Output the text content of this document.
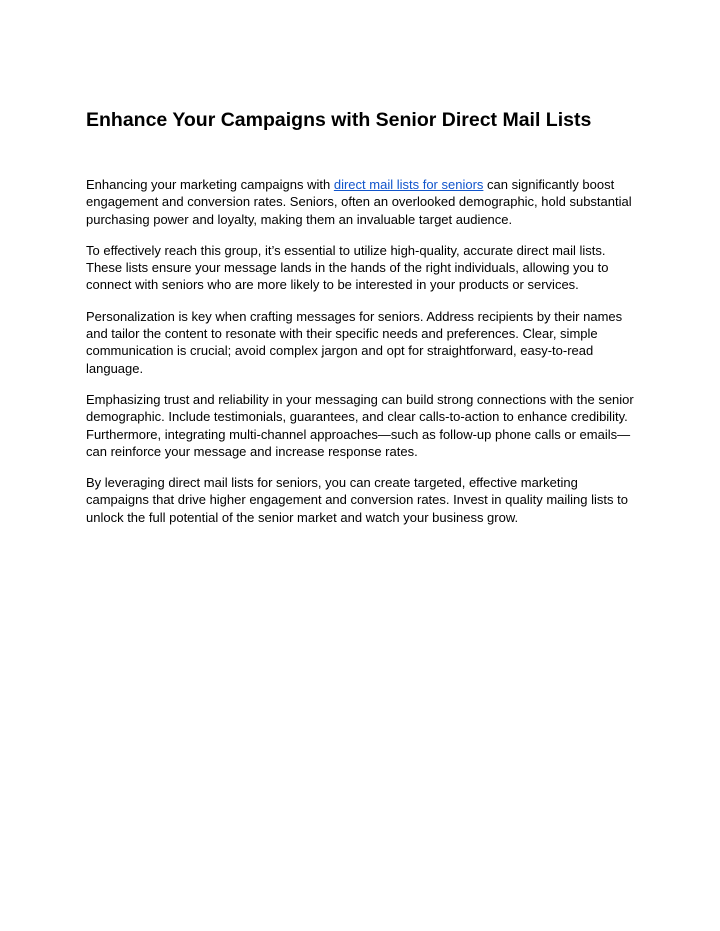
Enhance Your Campaigns with Senior Direct Mail Lists

Enhancing your marketing campaigns with direct mail lists for seniors can significantly boost engagement and conversion rates. Seniors, often an overlooked demographic, hold substantial purchasing power and loyalty, making them an invaluable target audience.

To effectively reach this group, it’s essential to utilize high-quality, accurate direct mail lists. These lists ensure your message lands in the hands of the right individuals, allowing you to connect with seniors who are more likely to be interested in your products or services.

Personalization is key when crafting messages for seniors. Address recipients by their names and tailor the content to resonate with their specific needs and preferences. Clear, simple communication is crucial; avoid complex jargon and opt for straightforward, easy-to-read language.

Emphasizing trust and reliability in your messaging can build strong connections with the senior demographic. Include testimonials, guarantees, and clear calls-to-action to enhance credibility. Furthermore, integrating multi-channel approaches—such as follow-up phone calls or emails—can reinforce your message and increase response rates.

By leveraging direct mail lists for seniors, you can create targeted, effective marketing campaigns that drive higher engagement and conversion rates. Invest in quality mailing lists to unlock the full potential of the senior market and watch your business grow.
